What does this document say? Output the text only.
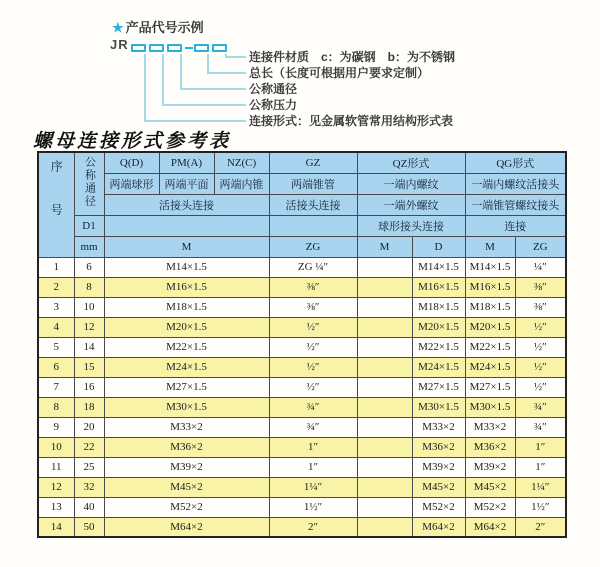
★ 产品代号示例
JR
连接件材质　c：为碳钢　b：为不锈钢
总长（长度可根据用户要求定制）
公称通径
公称压力
连接形式：见金属软管常用结构形式表
螺母连接形式参考表
序号	公称通径	Q(D)	PM(A)	NZ(C)	GZ	QZ形式		QG形式	
		两端球形	两端平面	两端内锥	两端锥管	一端内螺纹		一端内螺纹活接头	
		活接头连接			活接头连接	一端外螺纹		一端锥管螺纹接头	
	D1					球形接头连接		连接	
	mm	M			ZG	M	D	M	ZG
1	6	M14×1.5			ZG ¼″		M14×1.5	M14×1.5	¼″
2	8	M16×1.5			⅜″		M16×1.5	M16×1.5	⅜″
3	10	M18×1.5			⅜″		M18×1.5	M18×1.5	⅜″
4	12	M20×1.5			½″		M20×1.5	M20×1.5	½″
5	14	M22×1.5			½″		M22×1.5	M22×1.5	½″
6	15	M24×1.5			½″		M24×1.5	M24×1.5	½″
7	16	M27×1.5			½″		M27×1.5	M27×1.5	½″
8	18	M30×1.5			¾″		M30×1.5	M30×1.5	¾″
9	20	M33×2			¾″		M33×2	M33×2	¾″
10	22	M36×2			1″		M36×2	M36×2	1″
11	25	M39×2			1″		M39×2	M39×2	1″
12	32	M45×2			1¼″		M45×2	M45×2	1¼″
13	40	M52×2			1½″		M52×2	M52×2	1½″
14	50	M64×2			2″		M64×2	M64×2	2″
